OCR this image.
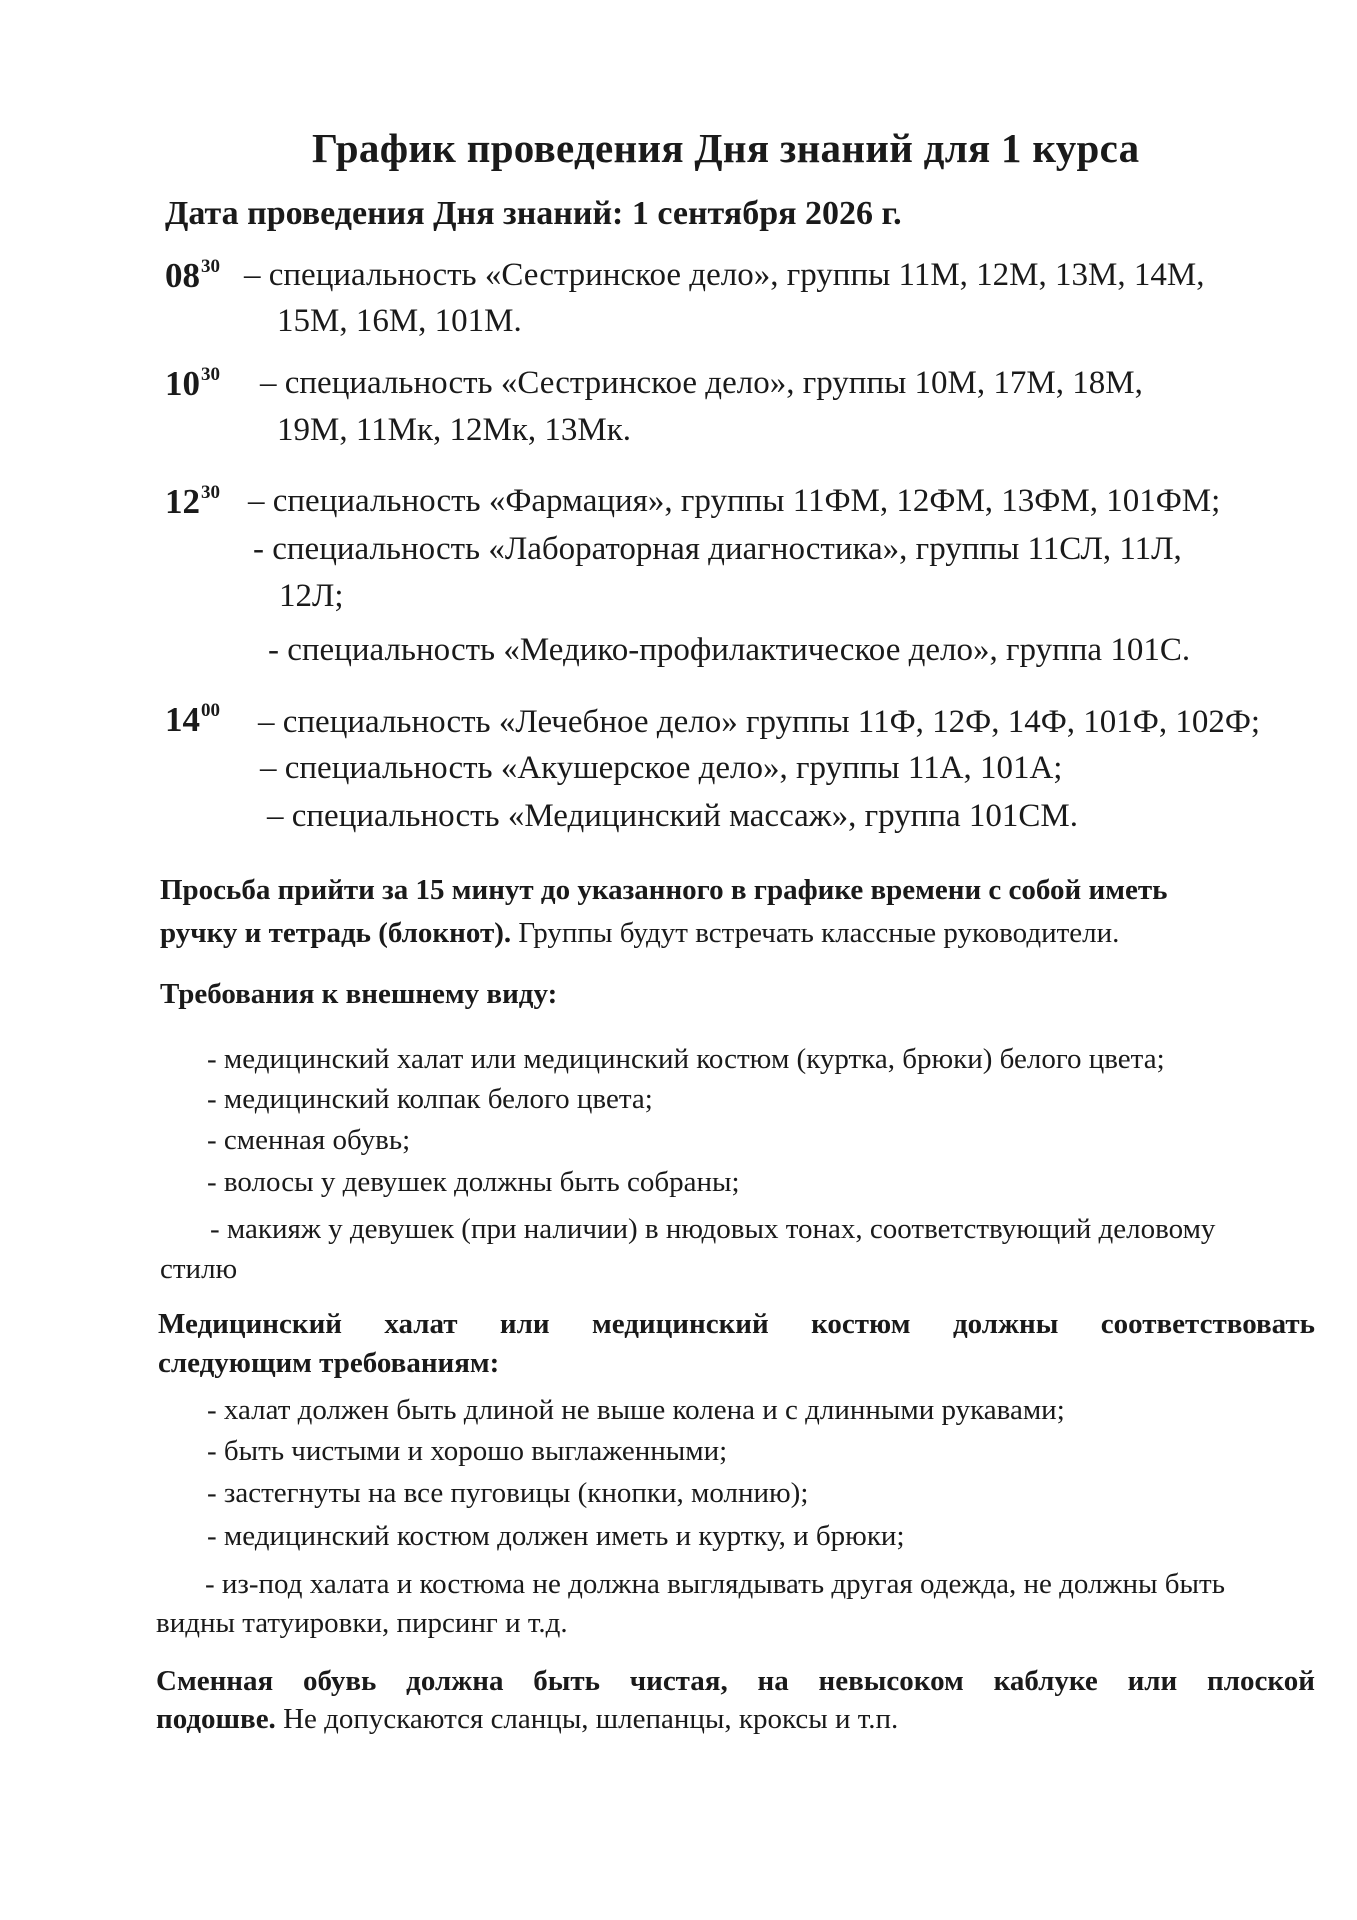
График проведения Дня знаний для 1 курса
Дата проведения Дня знаний: 1 сентября 2026 г.
$08^{30}$ – специальность «Сестринское дело», группы 11М, 12М, 13М, 14М,
15М, 16М, 101М.
$10^{30}$ – специальность «Сестринское дело», группы 10М, 17М, 18М,
19М, 11Мк, 12Мк, 13Мк.
$12^{30}$ – специальность «Фармация», группы 11ФМ, 12ФМ, 13ФМ, 101ФМ;
- специальность «Лабораторная диагностика», группы 11СЛ, 11Л,
12Л;
- специальность «Медико-профилактическое дело», группа 101С.
$14^{00}$ – специальность «Лечебное дело» группы 11Ф, 12Ф, 14Ф, 101Ф, 102Ф;
– специальность «Акушерское дело», группы 11А, 101А;
– специальность «Медицинский массаж», группа 101СМ.
Просьба прийти за 15 минут до указанного в графике времени с собой иметь
ручку и тетрадь (блокнот). Группы будут встречать классные руководители.
Требования к внешнему виду:
- медицинский халат или медицинский костюм (куртка, брюки) белого цвета;
- медицинский колпак белого цвета;
- сменная обувь;
- волосы у девушек должны быть собраны;
- макияж у девушек (при наличии) в нюдовых тонах, соответствующий деловому
стилю
Медицинский халат или медицинский костюм должны соответствовать
следующим требованиям:
- халат должен быть длиной не выше колена и с длинными рукавами;
- быть чистыми и хорошо выглаженными;
- застегнуты на все пуговицы (кнопки, молнию);
- медицинский костюм должен иметь и куртку, и брюки;
- из-под халата и костюма не должна выглядывать другая одежда, не должны быть
видны татуировки, пирсинг и т.д.
Сменная обувь должна быть чистая, на невысоком каблуке или плоской
подошве. Не допускаются сланцы, шлепанцы, кроксы и т.п.
